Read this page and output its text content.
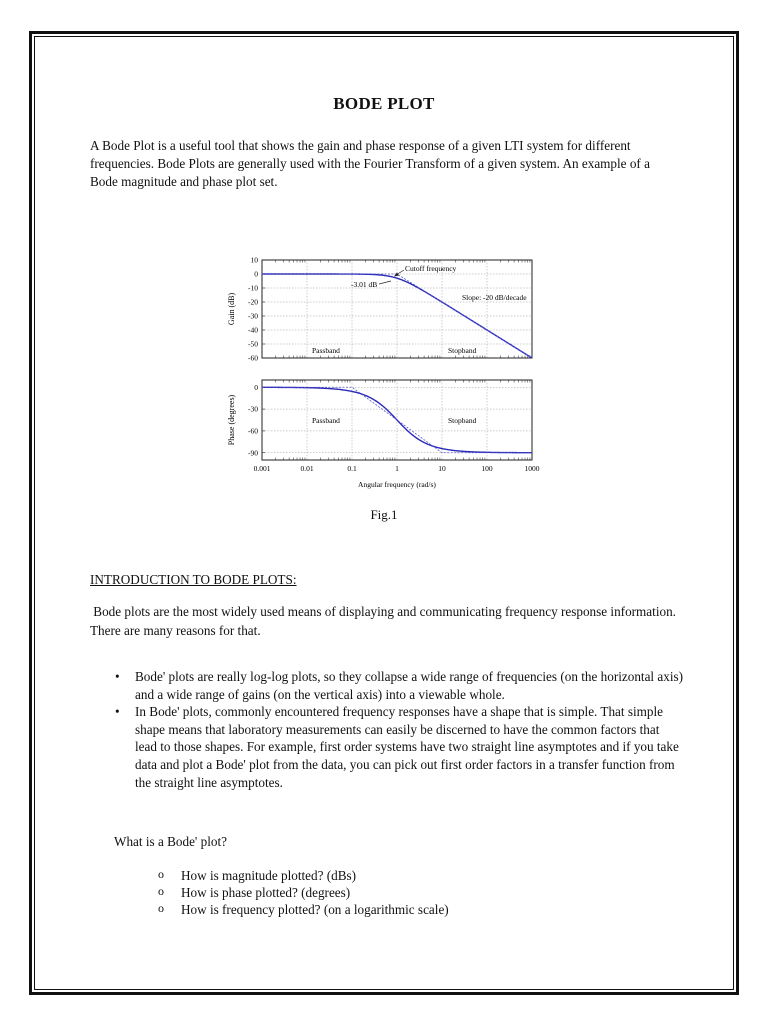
BODE PLOT

A Bode Plot is a useful tool that shows the gain and phase response of a given LTI system for different frequencies. Bode Plots are generally used with the Fourier Transform of a given system. An example of a Bode magnitude and phase plot set.

10
0
-10
-20
-30
-40
-50
-60
Gain (dB)
Cutoff frequency
-3.01 dB
Slope: -20 dB/decade
Passband	Stopband
0
-30
-60
-90
Phase (degrees)	Passband	Stopband
0.001	0.01	0.1	1	10	100	1000
Angular frequency (rad/s)
Fig.1
INTRODUCTION TO BODE PLOTS:

Bode plots are the most widely used means of displaying and communicating frequency response information. There are many reasons for that.

• Bode' plots are really log-log plots, so they collapse a wide range of frequencies (on the horizontal axis) and a wide range of gains (on the vertical axis) into a viewable whole.
• In Bode' plots, commonly encountered frequency responses have a shape that is simple. That simple shape means that laboratory measurements can easily be discerned to have the common factors that lead to those shapes. For example, first order systems have two straight line asymptotes and if you take data and plot a Bode' plot from the data, you can pick out first order factors in a transfer function from the straight line asymptotes.
What is a Bode' plot?
o How is magnitude plotted? (dBs)
o How is phase plotted? (degrees)
o How is frequency plotted? (on a logarithmic scale)
